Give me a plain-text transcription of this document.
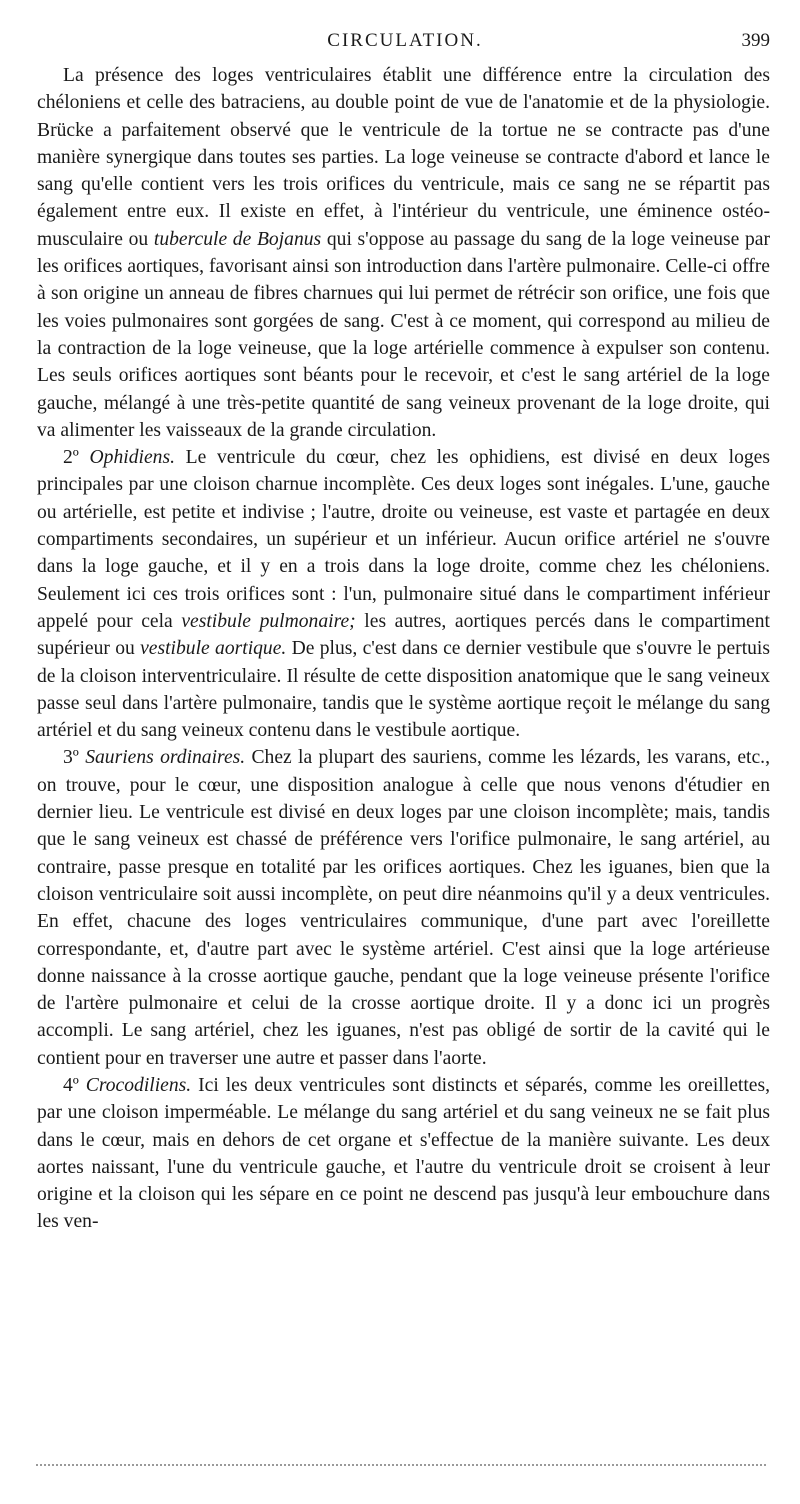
CIRCULATION.	399

La présence des loges ventriculaires établit une différence entre la circulation des chéloniens et celle des batraciens, au double point de vue de l'anatomie et de la physiologie. Brücke a parfaitement observé que le ventricule de la tortue ne se contracte pas d'une manière synergique dans toutes ses parties. La loge veineuse se contracte d'abord et lance le sang qu'elle contient vers les trois orifices du ventricule, mais ce sang ne se répartit pas également entre eux. Il existe en effet, à l'intérieur du ventricule, une éminence ostéo-musculaire ou tubercule de Bojanus qui s'oppose au passage du sang de la loge veineuse par les orifices aortiques, favorisant ainsi son introduction dans l'artère pulmonaire. Celle-ci offre à son origine un anneau de fibres charnues qui lui permet de rétrécir son orifice, une fois que les voies pulmonaires sont gorgées de sang. C'est à ce moment, qui correspond au milieu de la contraction de la loge veineuse, que la loge artérielle commence à expulser son contenu. Les seuls orifices aortiques sont béants pour le recevoir, et c'est le sang artériel de la loge gauche, mélangé à une très-petite quantité de sang veineux provenant de la loge droite, qui va alimenter les vaisseaux de la grande circulation.

2º Ophidiens. Le ventricule du cœur, chez les ophidiens, est divisé en deux loges principales par une cloison charnue incomplète. Ces deux loges sont inégales. L'une, gauche ou artérielle, est petite et indivise ; l'autre, droite ou veineuse, est vaste et partagée en deux compartiments secondaires, un supérieur et un inférieur. Aucun orifice artériel ne s'ouvre dans la loge gauche, et il y en a trois dans la loge droite, comme chez les chéloniens. Seulement ici ces trois orifices sont : l'un, pulmonaire situé dans le compartiment inférieur appelé pour cela vestibule pulmonaire; les autres, aortiques percés dans le compartiment supérieur ou vestibule aortique. De plus, c'est dans ce dernier vestibule que s'ouvre le pertuis de la cloison interventriculaire. Il résulte de cette disposition anatomique que le sang veineux passe seul dans l'artère pulmonaire, tandis que le système aortique reçoit le mélange du sang artériel et du sang veineux contenu dans le vestibule aortique.

3º Sauriens ordinaires. Chez la plupart des sauriens, comme les lézards, les varans, etc., on trouve, pour le cœur, une disposition analogue à celle que nous venons d'étudier en dernier lieu. Le ventricule est divisé en deux loges par une cloison incomplète; mais, tandis que le sang veineux est chassé de préférence vers l'orifice pulmonaire, le sang artériel, au contraire, passe presque en totalité par les orifices aortiques. Chez les iguanes, bien que la cloison ventriculaire soit aussi incomplète, on peut dire néanmoins qu'il y a deux ventricules. En effet, chacune des loges ventriculaires communique, d'une part avec l'oreillette correspondante, et, d'autre part avec le système artériel. C'est ainsi que la loge artérieuse donne naissance à la crosse aortique gauche, pendant que la loge veineuse présente l'orifice de l'artère pulmonaire et celui de la crosse aortique droite. Il y a donc ici un progrès accompli. Le sang artériel, chez les iguanes, n'est pas obligé de sortir de la cavité qui le contient pour en traverser une autre et passer dans l'aorte.

4º Crocodiliens. Ici les deux ventricules sont distincts et séparés, comme les oreillettes, par une cloison imperméable. Le mélange du sang artériel et du sang veineux ne se fait plus dans le cœur, mais en dehors de cet organe et s'effectue de la manière suivante. Les deux aortes naissant, l'une du ventricule gauche, et l'autre du ventricule droit se croisent à leur origine et la cloison qui les sépare en ce point ne descend pas jusqu'à leur embouchure dans les ven-
